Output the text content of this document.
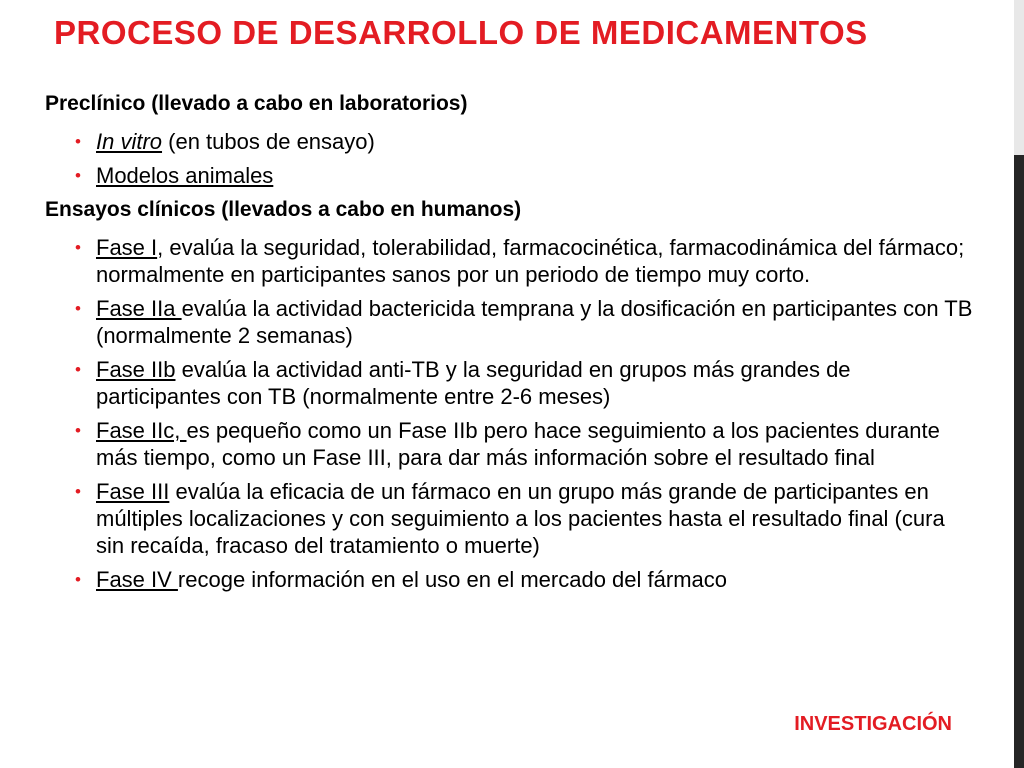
PROCESO DE DESARROLLO DE MEDICAMENTOS

Preclínico (llevado a cabo en laboratorios)

• In vitro (en tubos de ensayo)
• Modelos animales

Ensayos clínicos (llevados a cabo en humanos)

• Fase I, evalúa la seguridad, tolerabilidad, farmacocinética, farmacodinámica del fármaco; normalmente en participantes sanos por un periodo de tiempo muy corto.
• Fase IIa evalúa la actividad bactericida temprana y la dosificación en participantes con TB (normalmente 2 semanas)
• Fase IIb evalúa la actividad anti-TB y la seguridad en grupos más grandes de participantes con TB (normalmente entre 2-6 meses)
• Fase IIc, es pequeño como un Fase IIb pero hace seguimiento a los pacientes durante más tiempo, como un Fase III, para dar más información sobre el resultado final
• Fase III evalúa la eficacia de un fármaco en un grupo más grande de participantes en múltiples localizaciones y con seguimiento a los pacientes hasta el resultado final (cura sin recaída, fracaso del tratamiento o muerte)
• Fase IV recoge información en el uso en el mercado del fármaco
INVESTIGACIÓN
